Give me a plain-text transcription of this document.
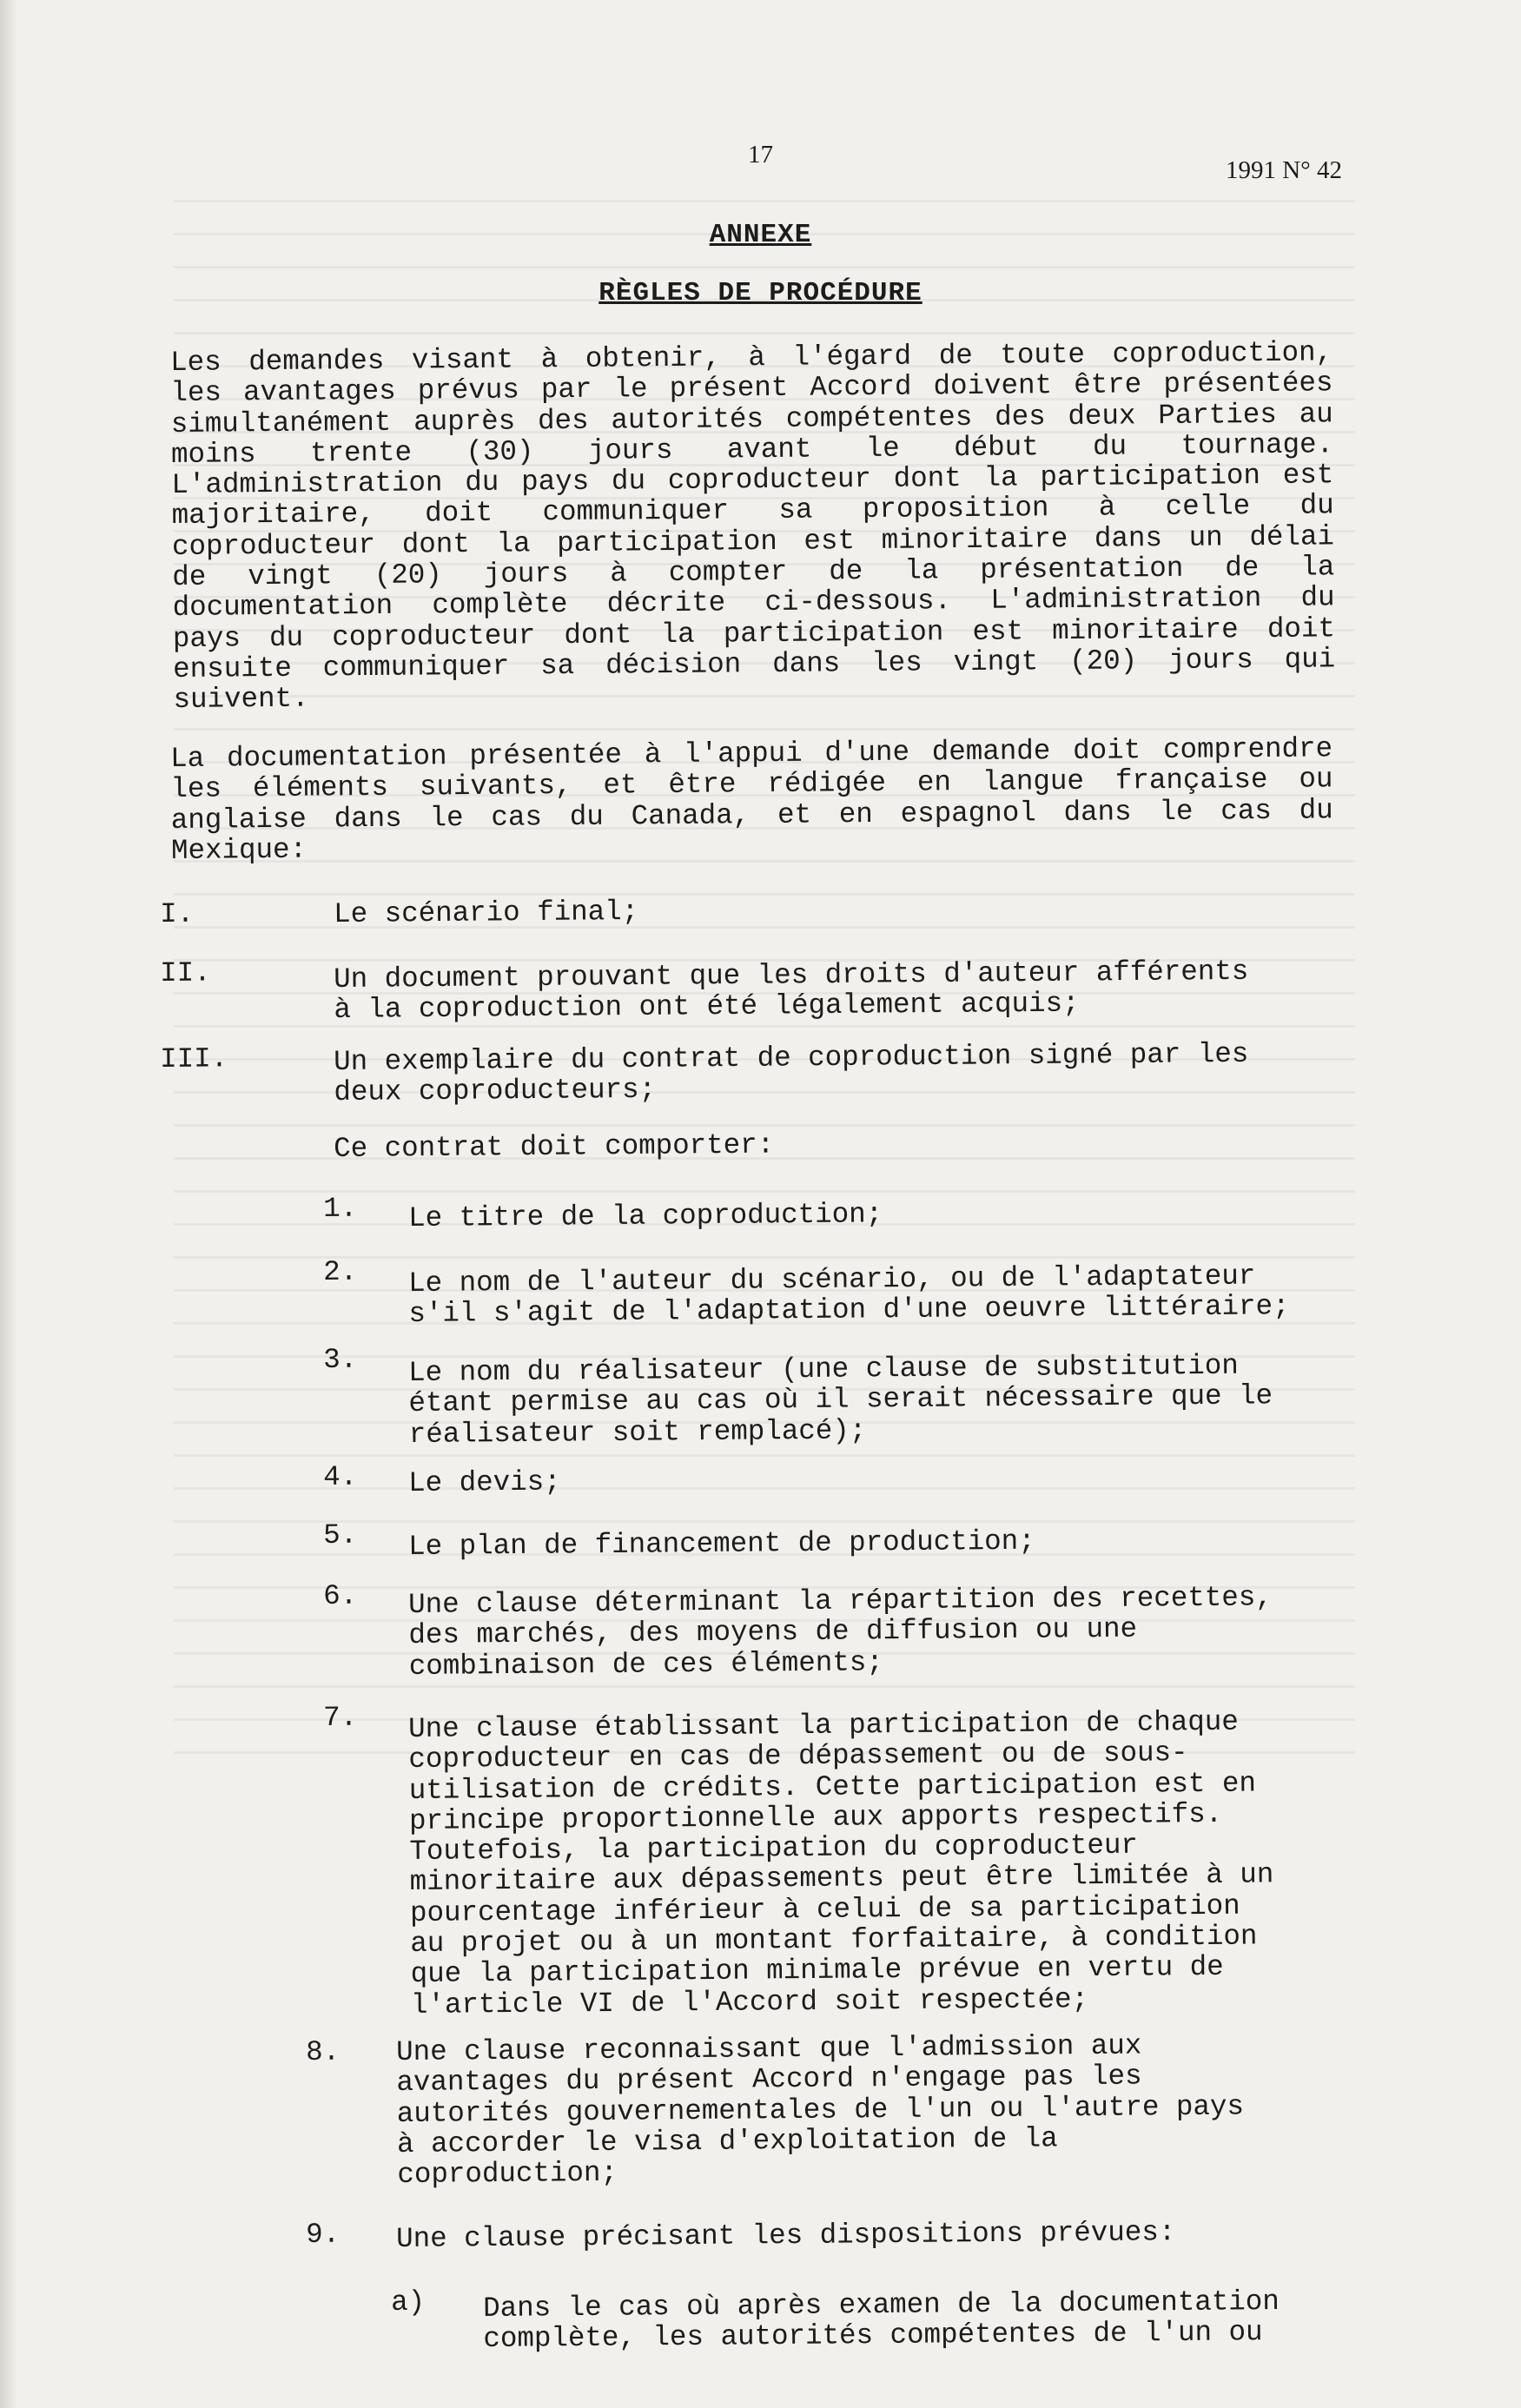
17
1991 N° 42
ANNEXE
RÈGLES DE PROCÉDURE
Les demandes visant à obtenir, à l'égard de toute coproduction,
les avantages prévus par le présent Accord doivent être présentées
simultanément auprès des autorités compétentes des deux Parties au
moins trente (30) jours avant le début du tournage.
L'administration du pays du coproducteur dont la participation est
majoritaire, doit communiquer sa proposition à celle du
coproducteur dont la participation est minoritaire dans un délai
de vingt (20) jours à compter de la présentation de la
documentation complète décrite ci-dessous. L'administration du
pays du coproducteur dont la participation est minoritaire doit
ensuite communiquer sa décision dans les vingt (20) jours qui
suivent.
La documentation présentée à l'appui d'une demande doit comprendre
les éléments suivants, et être rédigée en langue française ou
anglaise dans le cas du Canada, et en espagnol dans le cas du
Mexique:
I.	Le scénario final;
II.	Un document prouvant que les droits d'auteur afférents
à la coproduction ont été légalement acquis;
III.	Un exemplaire du contrat de coproduction signé par les
deux coproducteurs;
Ce contrat doit comporter:
1.	Le titre de la coproduction;
2.	Le nom de l'auteur du scénario, ou de l'adaptateur
s'il s'agit de l'adaptation d'une oeuvre littéraire;
3.	Le nom du réalisateur (une clause de substitution
étant permise au cas où il serait nécessaire que le
réalisateur soit remplacé);
4.	Le devis;
5.	Le plan de financement de production;
6.	Une clause déterminant la répartition des recettes,
des marchés, des moyens de diffusion ou une
combinaison de ces éléments;
7.	Une clause établissant la participation de chaque
coproducteur en cas de dépassement ou de sous-
utilisation de crédits. Cette participation est en
principe proportionnelle aux apports respectifs.
Toutefois, la participation du coproducteur
minoritaire aux dépassements peut être limitée à un
pourcentage inférieur à celui de sa participation
au projet ou à un montant forfaitaire, à condition
que la participation minimale prévue en vertu de
l'article VI de l'Accord soit respectée;
8.	Une clause reconnaissant que l'admission aux
avantages du présent Accord n'engage pas les
autorités gouvernementales de l'un ou l'autre pays
à accorder le visa d'exploitation de la
coproduction;
9.	Une clause précisant les dispositions prévues:
a)	Dans le cas où après examen de la documentation
complète, les autorités compétentes de l'un ou
